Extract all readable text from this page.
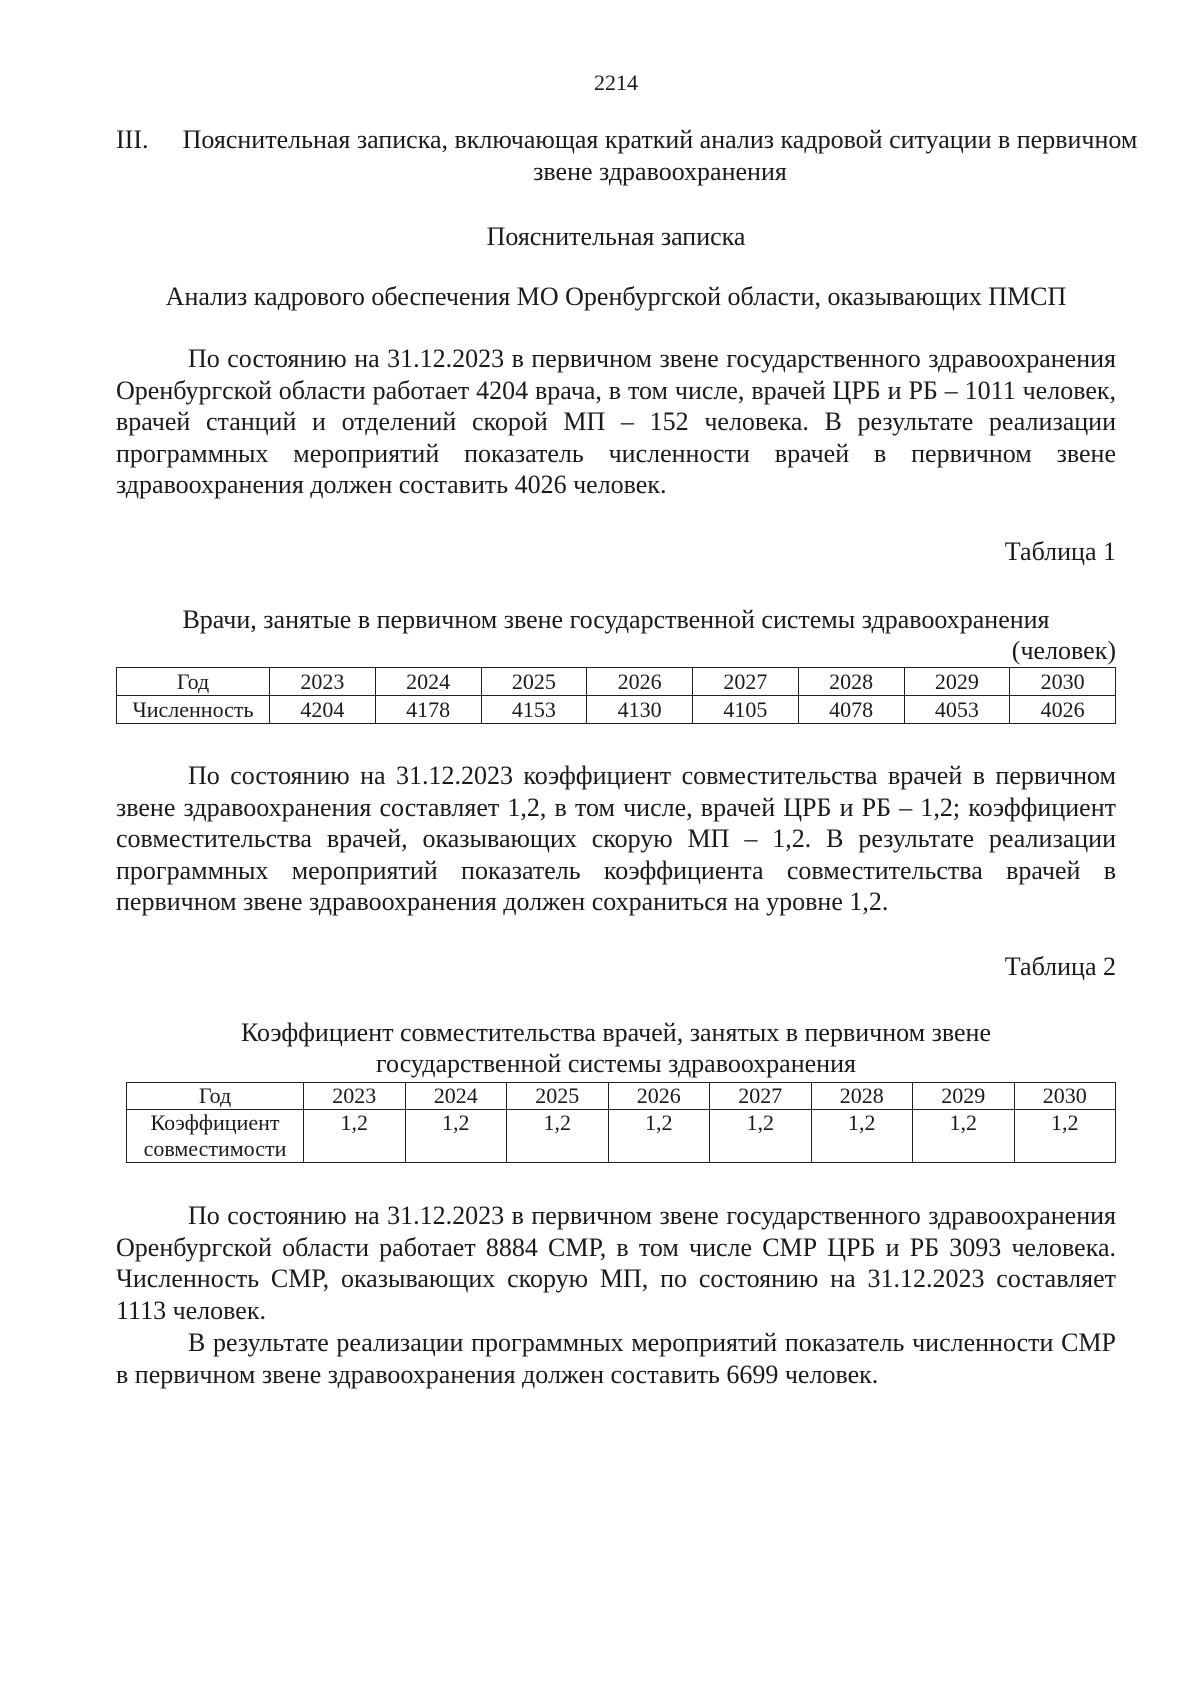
2214
III.	Пояснительная записка, включающая краткий анализ кадровой ситуации в первичном звене здравоохранения
Пояснительная записка
Анализ кадрового обеспечения МО Оренбургской области, оказывающих ПМСП

По состоянию на 31.12.2023 в первичном звене государственного здравоохранения Оренбургской области работает 4204 врача, в том числе, врачей ЦРБ и РБ – 1011 человек, врачей станций и отделений скорой МП – 152 человека. В результате реализации программных мероприятий показатель численности врачей в первичном звене здравоохранения должен составить 4026 человек.

Таблица 1
Врачи, занятые в первичном звене государственной системы здравоохранения
(человек)
Год	2023	2024	2025	2026	2027	2028	2029	2030
Численность	4204	4178	4153	4130	4105	4078	4053	4026

По состоянию на 31.12.2023 коэффициент совместительства врачей в первичном звене здравоохранения составляет 1,2, в том числе, врачей ЦРБ и РБ – 1,2; коэффициент совместительства врачей, оказывающих скорую МП – 1,2. В результате реализации программных мероприятий показатель коэффициента совместительства врачей в первичном звене здравоохранения должен сохраниться на уровне 1,2.

Таблица 2
Коэффициент совместительства врачей, занятых в первичном звене государственной системы здравоохранения
Год	2023	2024	2025	2026	2027	2028	2029	2030

Коэффициент
совместимости	1,2	1,2	1,2	1,2	1,2	1,2	1,2	1,2

По состоянию на 31.12.2023 в первичном звене государственного здравоохранения Оренбургской области работает 8884 СМР, в том числе СМР ЦРБ и РБ 3093 человека. Численность СМР, оказывающих скорую МП, по состоянию на 31.12.2023 составляет 1113 человек.

В результате реализации программных мероприятий показатель численности СМР в первичном звене здравоохранения должен составить 6699 человек.
